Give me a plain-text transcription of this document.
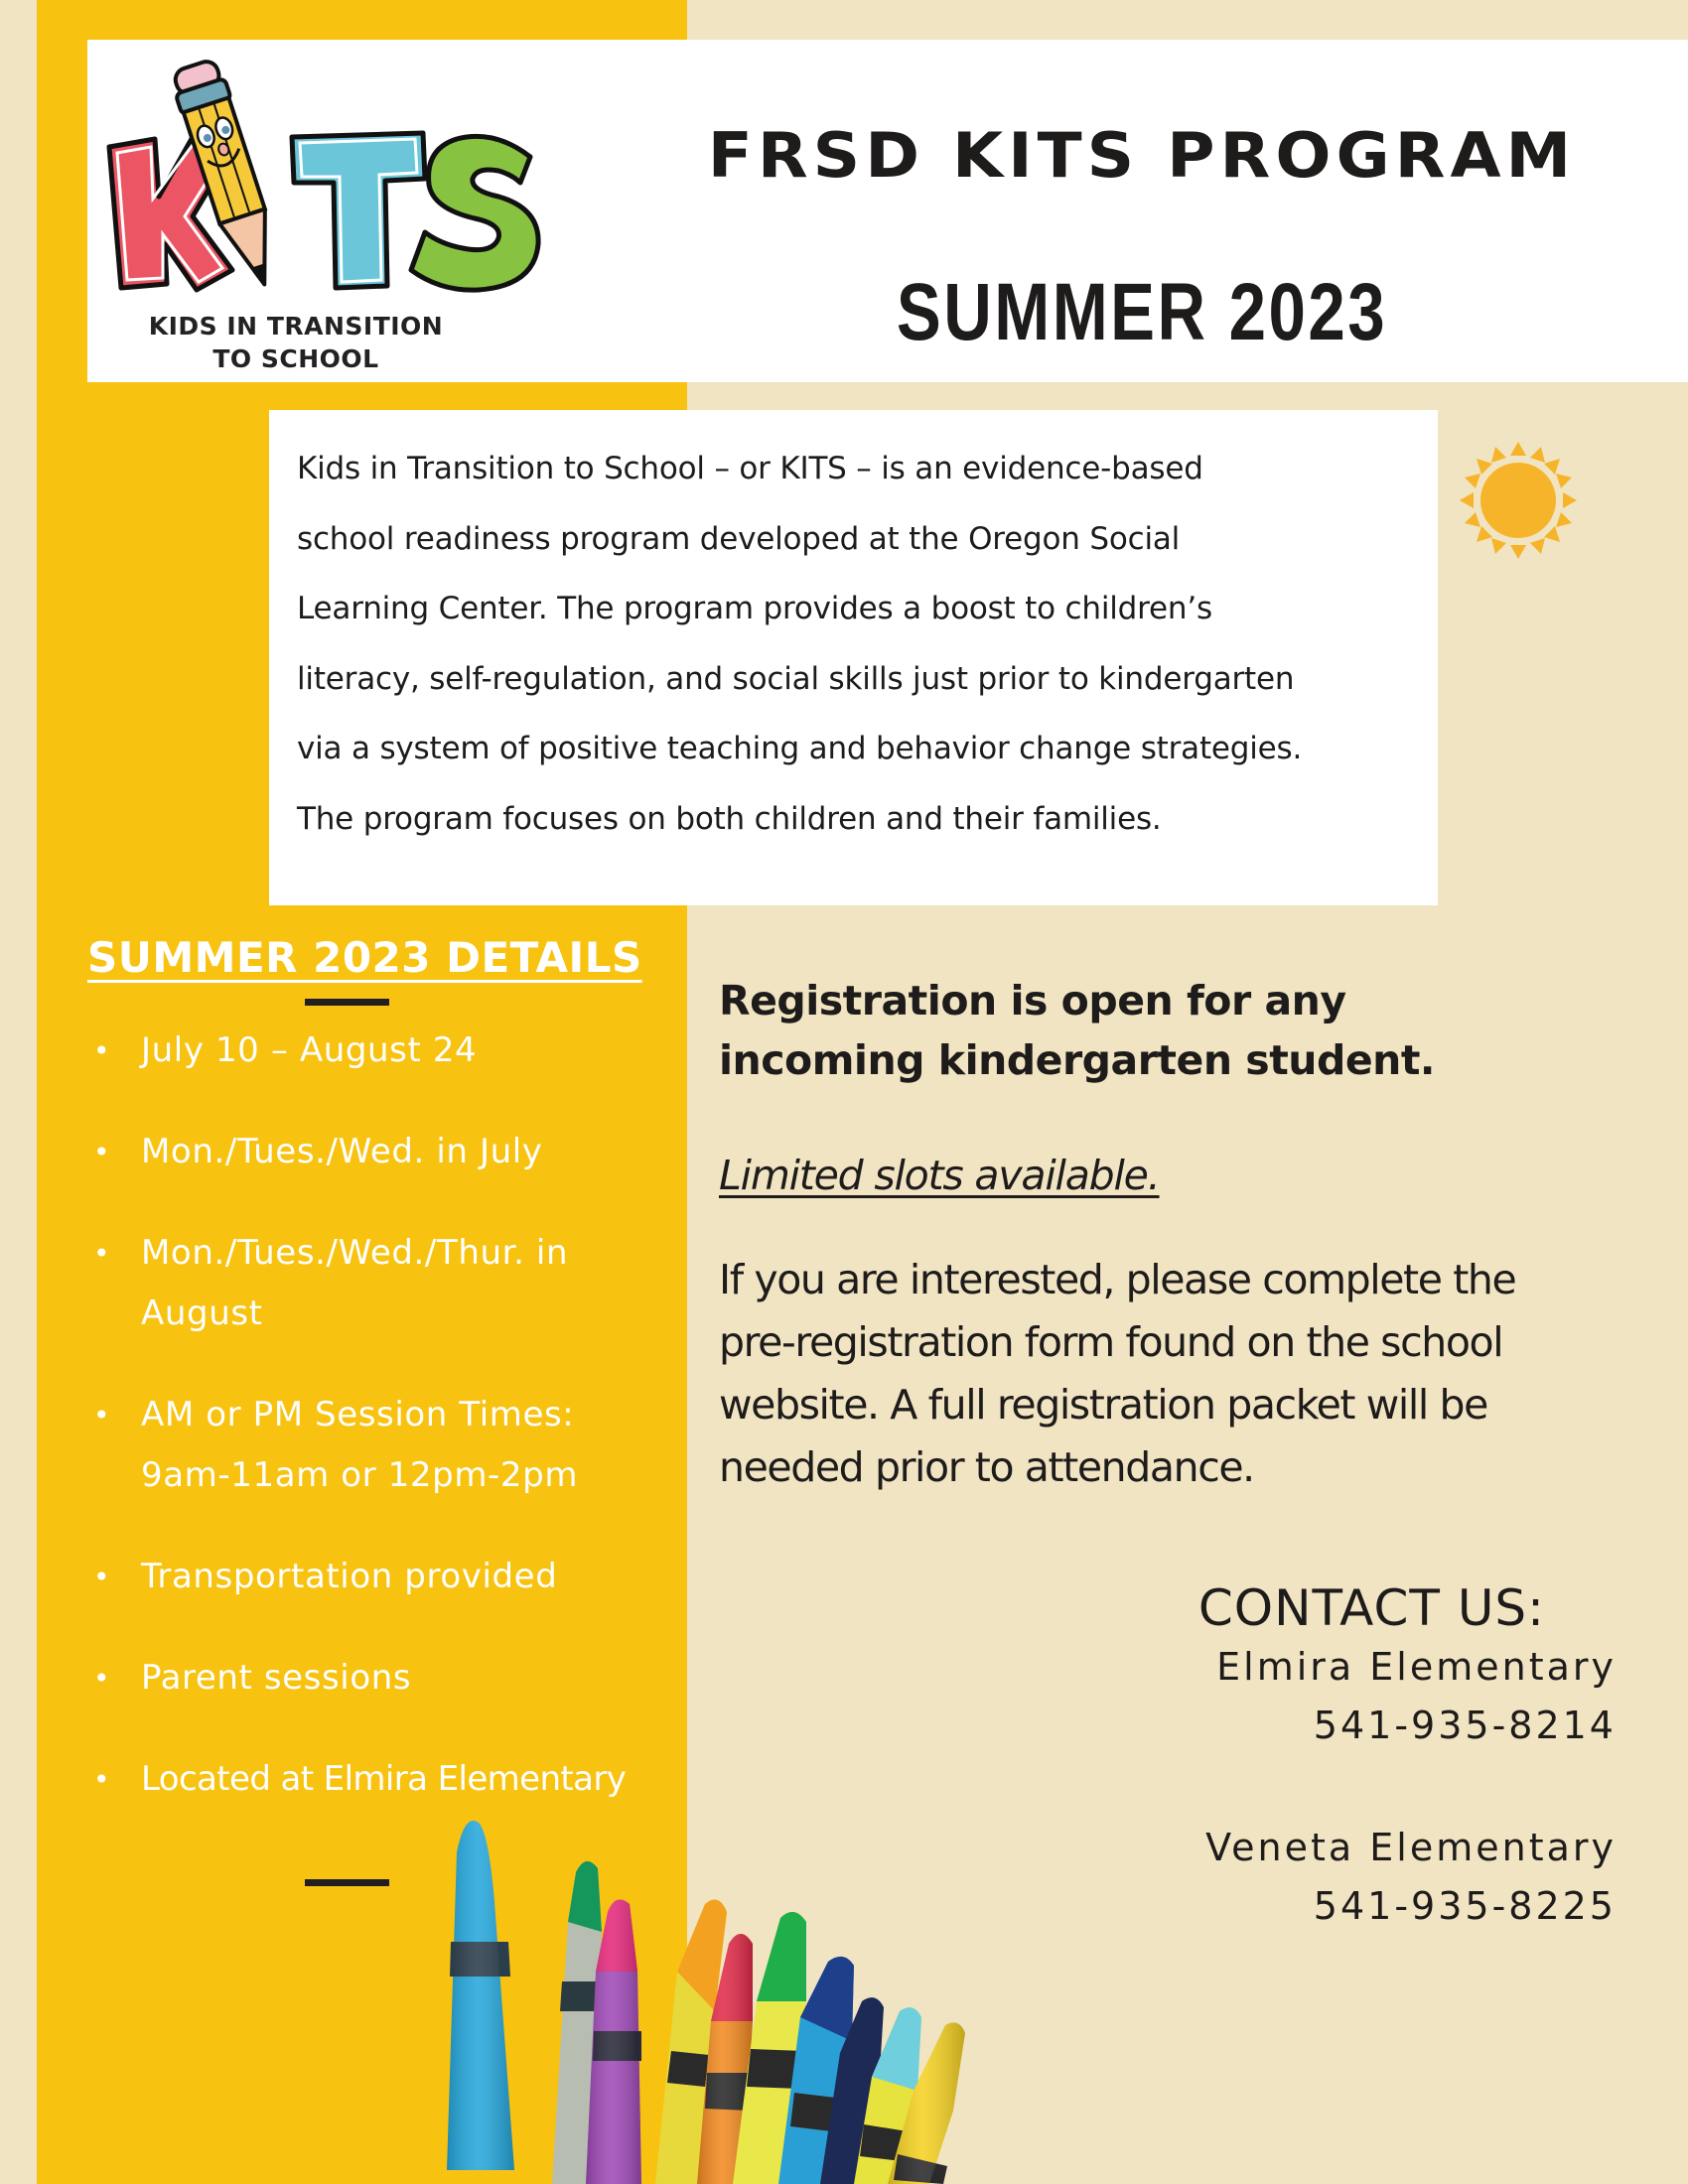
KIDS IN TRANSITION
TO SCHOOL
FRSD KITS PROGRAM
SUMMER 2023
Kids in Transition to School – or KITS – is an evidence-based
school readiness program developed at the Oregon Social
Learning Center. The program provides a boost to children’s
literacy, self-regulation, and social skills just prior to kindergarten
via a system of positive teaching and behavior change strategies.
The program focuses on both children and their families.
SUMMER 2023 DETAILS
• July 10 – August 24
• Mon./Tues./Wed. in July
• Mon./Tues./Wed./Thur. in
August
• AM or PM Session Times:
9am-11am or 12pm-2pm
• Transportation provided
• Parent sessions
• Located at Elmira Elementary
Registration is open for any
incoming kindergarten student.
Limited slots available.
If you are interested, please complete the
pre-registration form found on the school
website. A full registration packet will be
needed prior to attendance.
CONTACT US:
Elmira Elementary
541-935-8214
Veneta Elementary
541-935-8225
